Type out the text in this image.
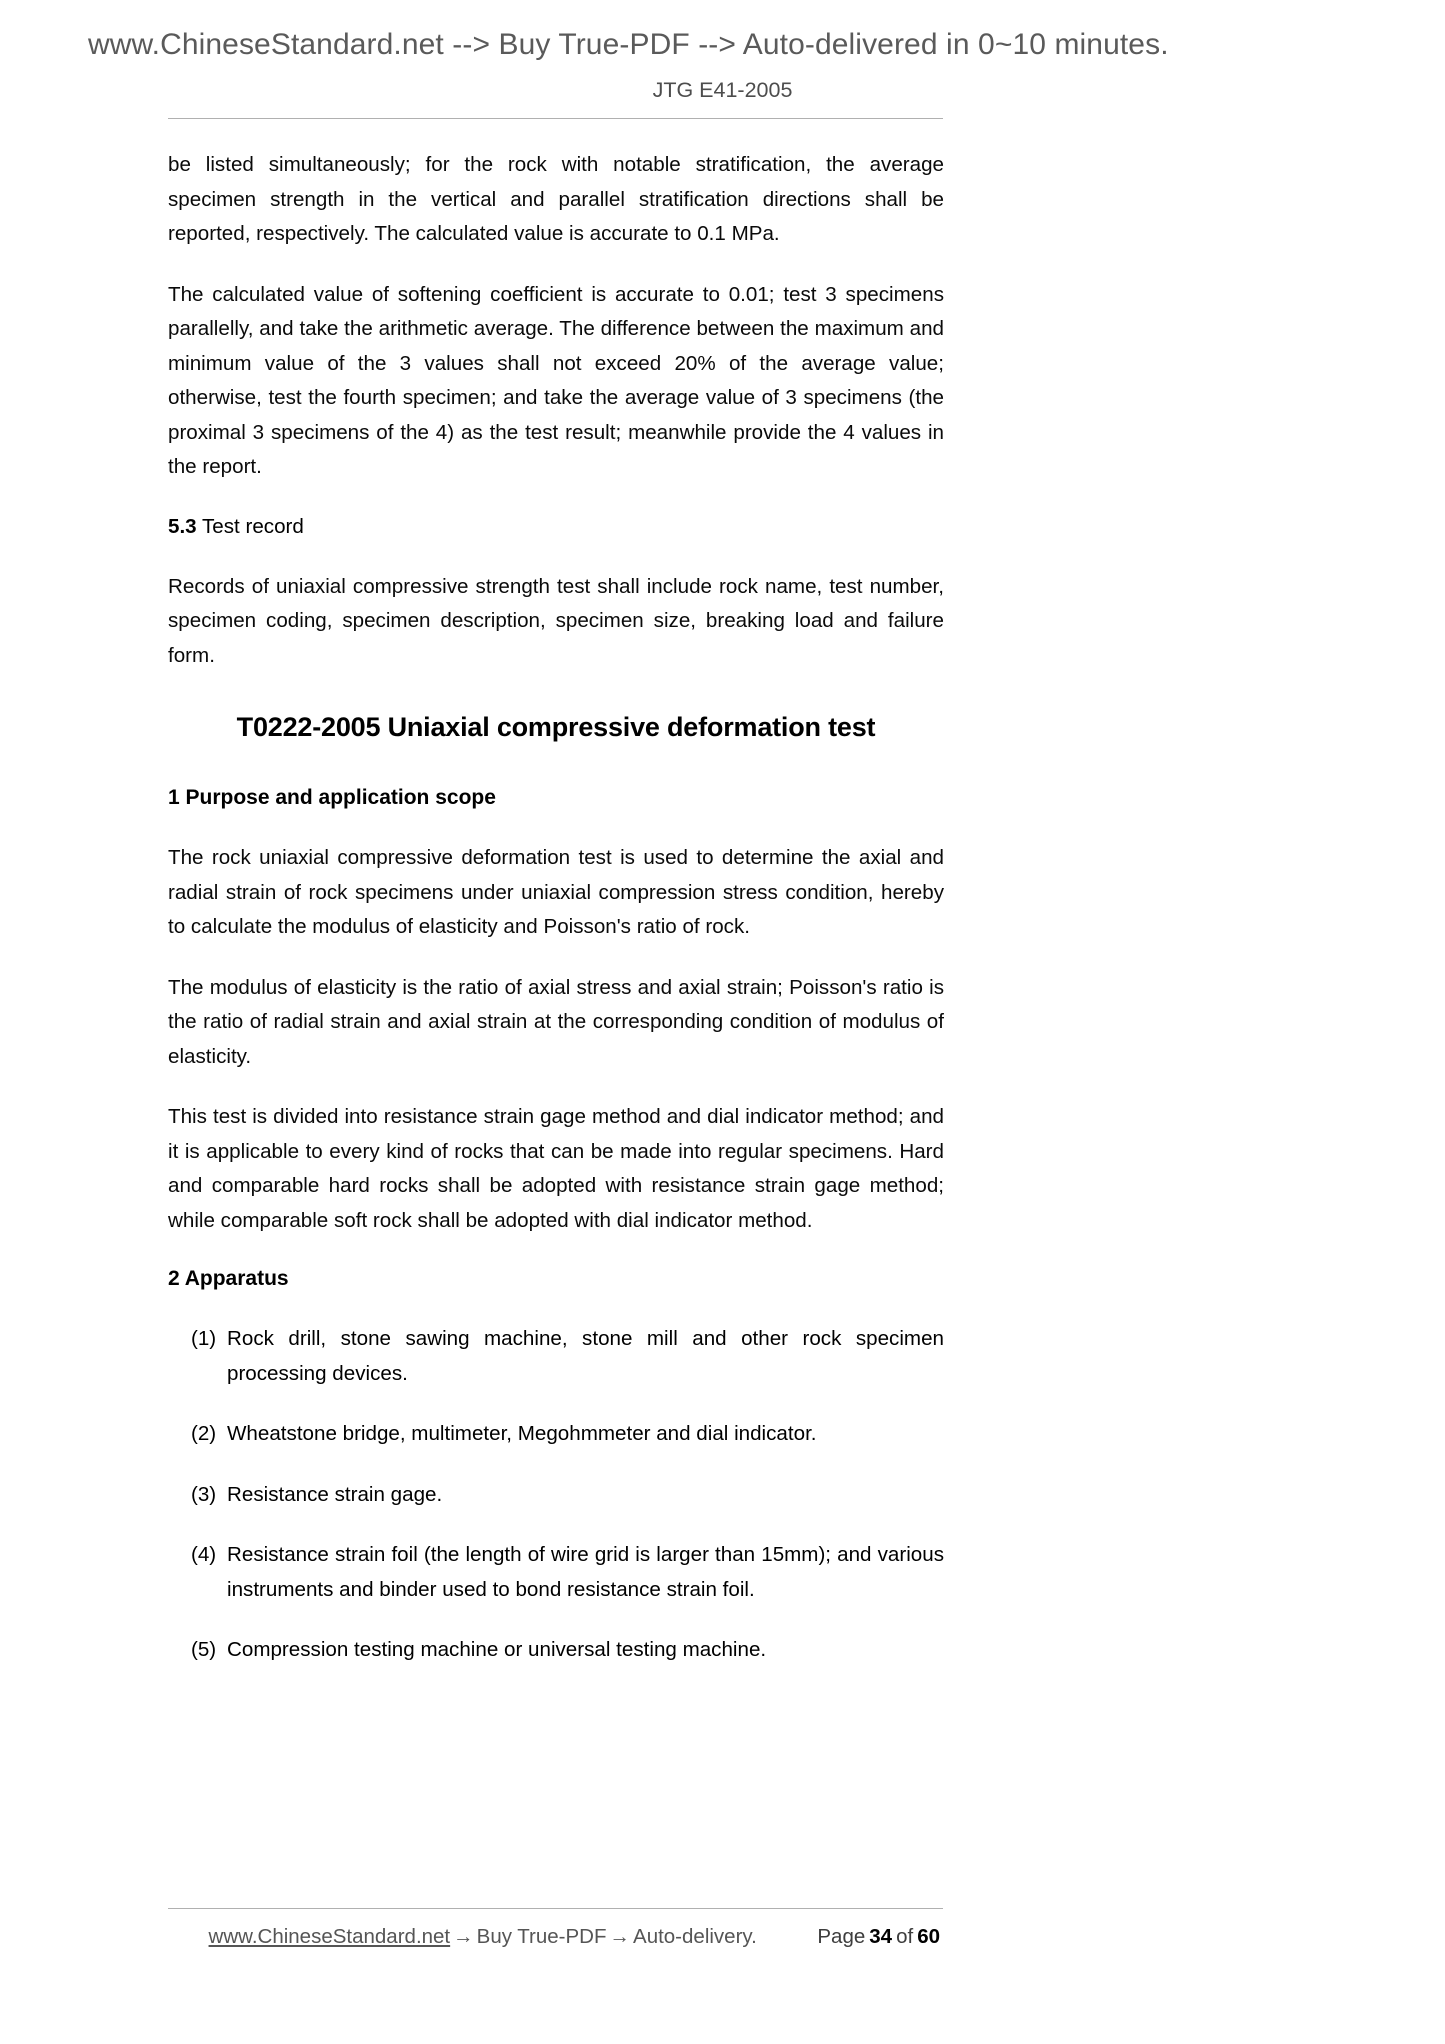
www.ChineseStandard.net --> Buy True-PDF --> Auto-delivered in 0~10 minutes.
JTG E41-2005

be listed simultaneously; for the rock with notable stratification, the average specimen strength in the vertical and parallel stratification directions shall be reported, respectively. The calculated value is accurate to 0.1 MPa.

The calculated value of softening coefficient is accurate to 0.01; test 3 specimens parallelly, and take the arithmetic average. The difference between the maximum and minimum value of the 3 values shall not exceed 20% of the average value; otherwise, test the fourth specimen; and take the average value of 3 specimens (the proximal 3 specimens of the 4) as the test result; meanwhile provide the 4 values in the report.

5.3 Test record

Records of uniaxial compressive strength test shall include rock name, test number, specimen coding, specimen description, specimen size, breaking load and failure form.

T0222-2005 Uniaxial compressive deformation test
1 Purpose and application scope

The rock uniaxial compressive deformation test is used to determine the axial and radial strain of rock specimens under uniaxial compression stress condition, hereby to calculate the modulus of elasticity and Poisson's ratio of rock.

The modulus of elasticity is the ratio of axial stress and axial strain; Poisson's ratio is the ratio of radial strain and axial strain at the corresponding condition of modulus of elasticity.

This test is divided into resistance strain gage method and dial indicator method; and it is applicable to every kind of rocks that can be made into regular specimens. Hard and comparable hard rocks shall be adopted with resistance strain gage method; while comparable soft rock shall be adopted with dial indicator method.

2 Apparatus
(1) Rock drill, stone sawing machine, stone mill and other rock specimen processing devices.
(2) Wheatstone bridge, multimeter, Megohmmeter and dial indicator.
(3) Resistance strain gage.
(4) Resistance strain foil (the length of wire grid is larger than 15mm); and various instruments and binder used to bond resistance strain foil.
(5) Compression testing machine or universal testing machine.
www.ChineseStandard.net → Buy True-PDF → Auto-delivery.	Page 34 of 60
